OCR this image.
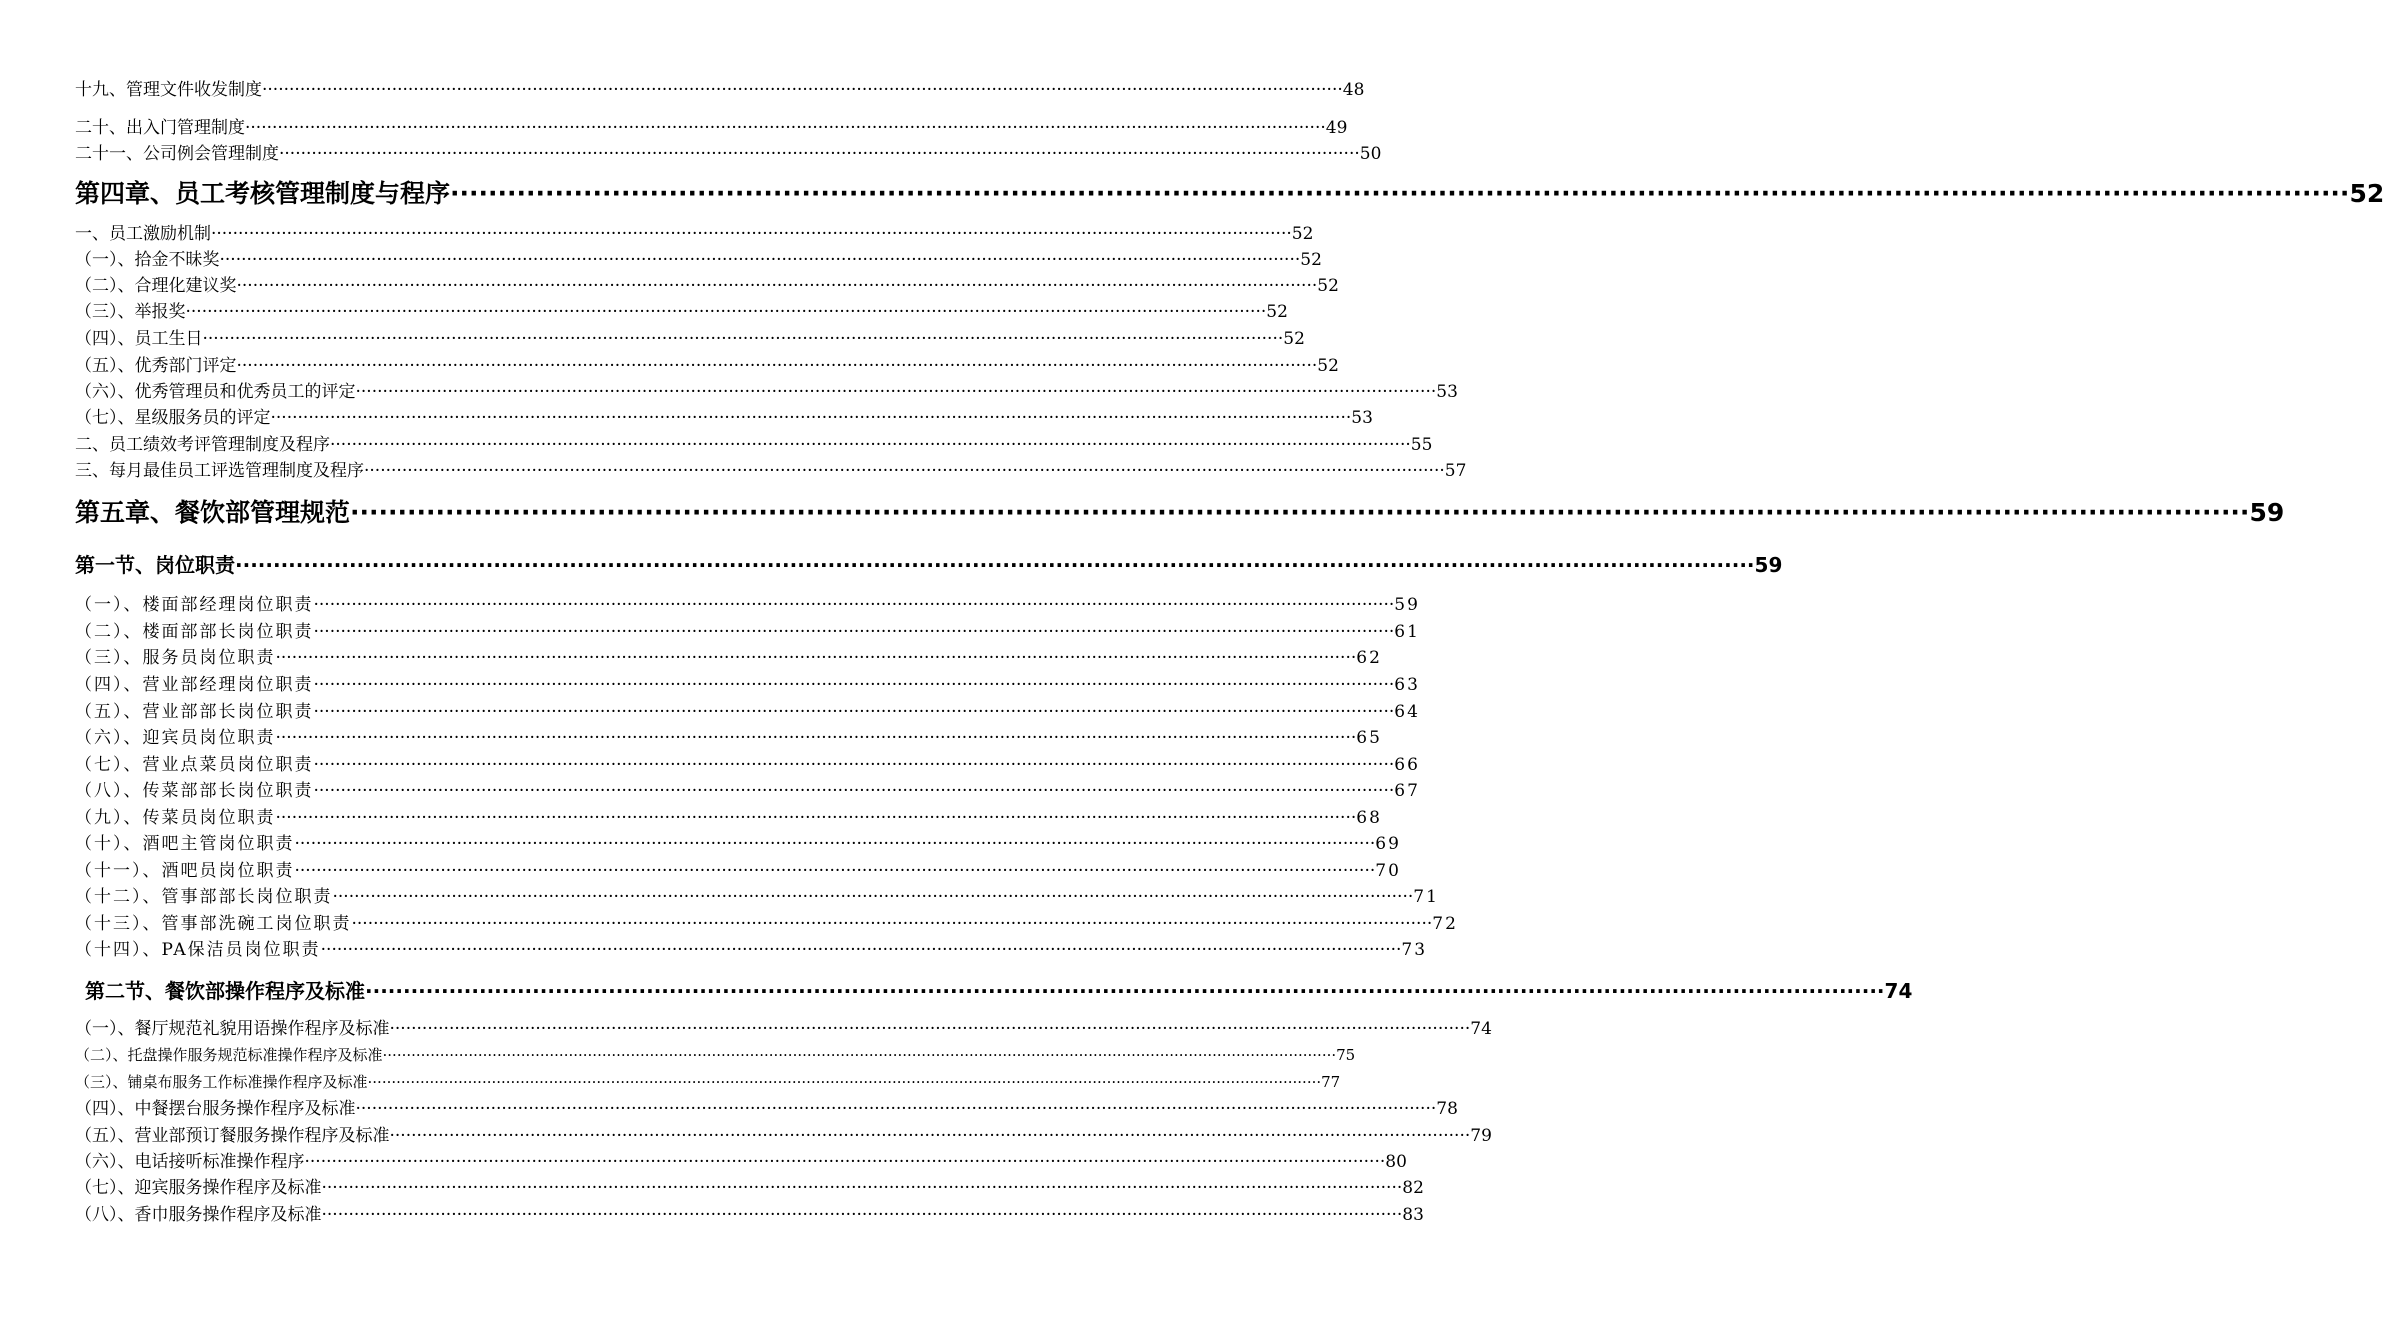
十九、管理文件收发制度 ········································································································································································································ 48
二十、出入门管理制度 ········································································································································································································ 49
二十一、公司例会管理制度 ········································································································································································································ 50
第四章、员工考核管理制度与程序 ········································································································································································································ 52
一、员工激励机制 ········································································································································································································ 52
（一）、拾金不昧奖 ········································································································································································································ 52
（二）、合理化建议奖 ········································································································································································································ 52
（三）、举报奖 ········································································································································································································ 52
（四）、员工生日 ········································································································································································································ 52
（五）、优秀部门评定 ········································································································································································································ 52
（六）、优秀管理员和优秀员工的评定 ········································································································································································································ 53
（七）、星级服务员的评定 ········································································································································································································ 53
二、员工绩效考评管理制度及程序 ········································································································································································································ 55
三、每月最佳员工评选管理制度及程序 ········································································································································································································ 57
第五章、餐饮部管理规范 ········································································································································································································ 59
第一节、岗位职责 ········································································································································································································ 59
（一）、楼面部经理岗位职责 ········································································································································································································ 59
（二）、楼面部部长岗位职责 ········································································································································································································ 61
（三）、服务员岗位职责 ········································································································································································································ 62
（四）、营业部经理岗位职责 ········································································································································································································ 63
（五）、营业部部长岗位职责 ········································································································································································································ 64
（六）、迎宾员岗位职责 ········································································································································································································ 65
（七）、营业点菜员岗位职责 ········································································································································································································ 66
（八）、传菜部部长岗位职责 ········································································································································································································ 67
（九）、传菜员岗位职责 ········································································································································································································ 68
（十）、酒吧主管岗位职责 ········································································································································································································ 69
（十一）、酒吧员岗位职责 ········································································································································································································ 70
（十二）、管事部部长岗位职责 ········································································································································································································ 71
（十三）、管事部洗碗工岗位职责 ········································································································································································································ 72
（十四）、PA保洁员岗位职责 ········································································································································································································ 73
第二节、餐饮部操作程序及标准 ········································································································································································································ 74
（一）、餐厅规范礼貌用语操作程序及标准 ········································································································································································································ 74
（二）、托盘操作服务规范标准操作程序及标准 ········································································································································································································ 75
（三）、铺桌布服务工作标准操作程序及标准 ········································································································································································································ 77
（四）、中餐摆台服务操作程序及标准 ········································································································································································································ 78
（五）、营业部预订餐服务操作程序及标准 ········································································································································································································ 79
（六）、电话接听标准操作程序 ········································································································································································································ 80
（七）、迎宾服务操作程序及标准 ········································································································································································································ 82
（八）、香巾服务操作程序及标准 ········································································································································································································ 83
